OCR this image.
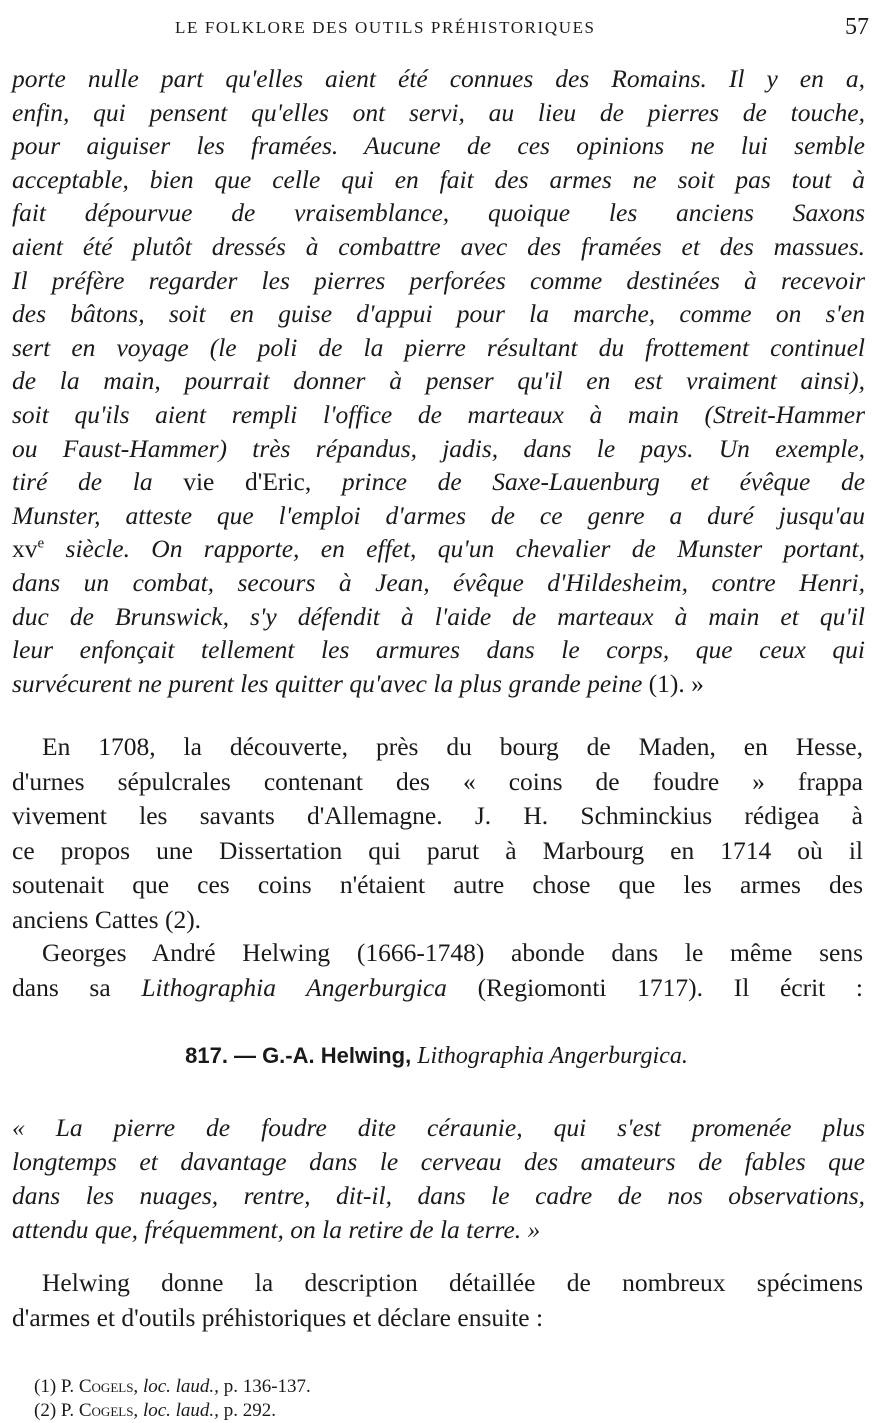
LE FOLKLORE DES OUTILS PRÉHISTORIQUES	57
porte nulle part qu'elles aient été connues des Romains. Il y en a,
enfin, qui pensent qu'elles ont servi, au lieu de pierres de touche,
pour aiguiser les framées. Aucune de ces opinions ne lui semble
acceptable, bien que celle qui en fait des armes ne soit pas tout à
fait dépourvue de vraisemblance, quoique les anciens Saxons
aient été plutôt dressés à combattre avec des framées et des massues.
Il préfère regarder les pierres perforées comme destinées à recevoir
des bâtons, soit en guise d'appui pour la marche, comme on s'en
sert en voyage (le poli de la pierre résultant du frottement continuel
de la main, pourrait donner à penser qu'il en est vraiment ainsi),
soit qu'ils aient rempli l'office de marteaux à main (Streit-Hammer
ou Faust-Hammer) très répandus, jadis, dans le pays. Un exemple,
tiré de la vie d'Eric, prince de Saxe-Lauenburg et évêque de
Munster, atteste que l'emploi d'armes de ce genre a duré jusqu'au
$xv^e$ siècle. On rapporte, en effet, qu'un chevalier de Munster portant,
dans un combat, secours à Jean, évêque d'Hildesheim, contre Henri,
duc de Brunswick, s'y défendit à l'aide de marteaux à main et qu'il
leur enfonçait tellement les armures dans le corps, que ceux qui
survécurent ne purent les quitter qu'avec la plus grande peine (1). »
En 1708, la découverte, près du bourg de Maden, en Hesse,
d'urnes sépulcrales contenant des « coins de foudre » frappa
vivement les savants d'Allemagne. J. H. Schminckius rédigea à
ce propos une Dissertation qui parut à Marbourg en 1714 où il
soutenait que ces coins n'étaient autre chose que les armes des
anciens Cattes (2).
Georges André Helwing (1666-1748) abonde dans le même sens
dans sa Lithographia Angerburgica (Regiomonti 1717). Il écrit :
817. — G.-A. Helwing, Lithographia Angerburgica.
« La pierre de foudre dite céraunie, qui s'est promenée plus
longtemps et davantage dans le cerveau des amateurs de fables que
dans les nuages, rentre, dit-il, dans le cadre de nos observations,
attendu que, fréquemment, on la retire de la terre. »
Helwing donne la description détaillée de nombreux spécimens
d'armes et d'outils préhistoriques et déclare ensuite :
(1) P. Cogels, loc. laud., p. 136-137.
(2) P. Cogels, loc. laud., p. 292.
